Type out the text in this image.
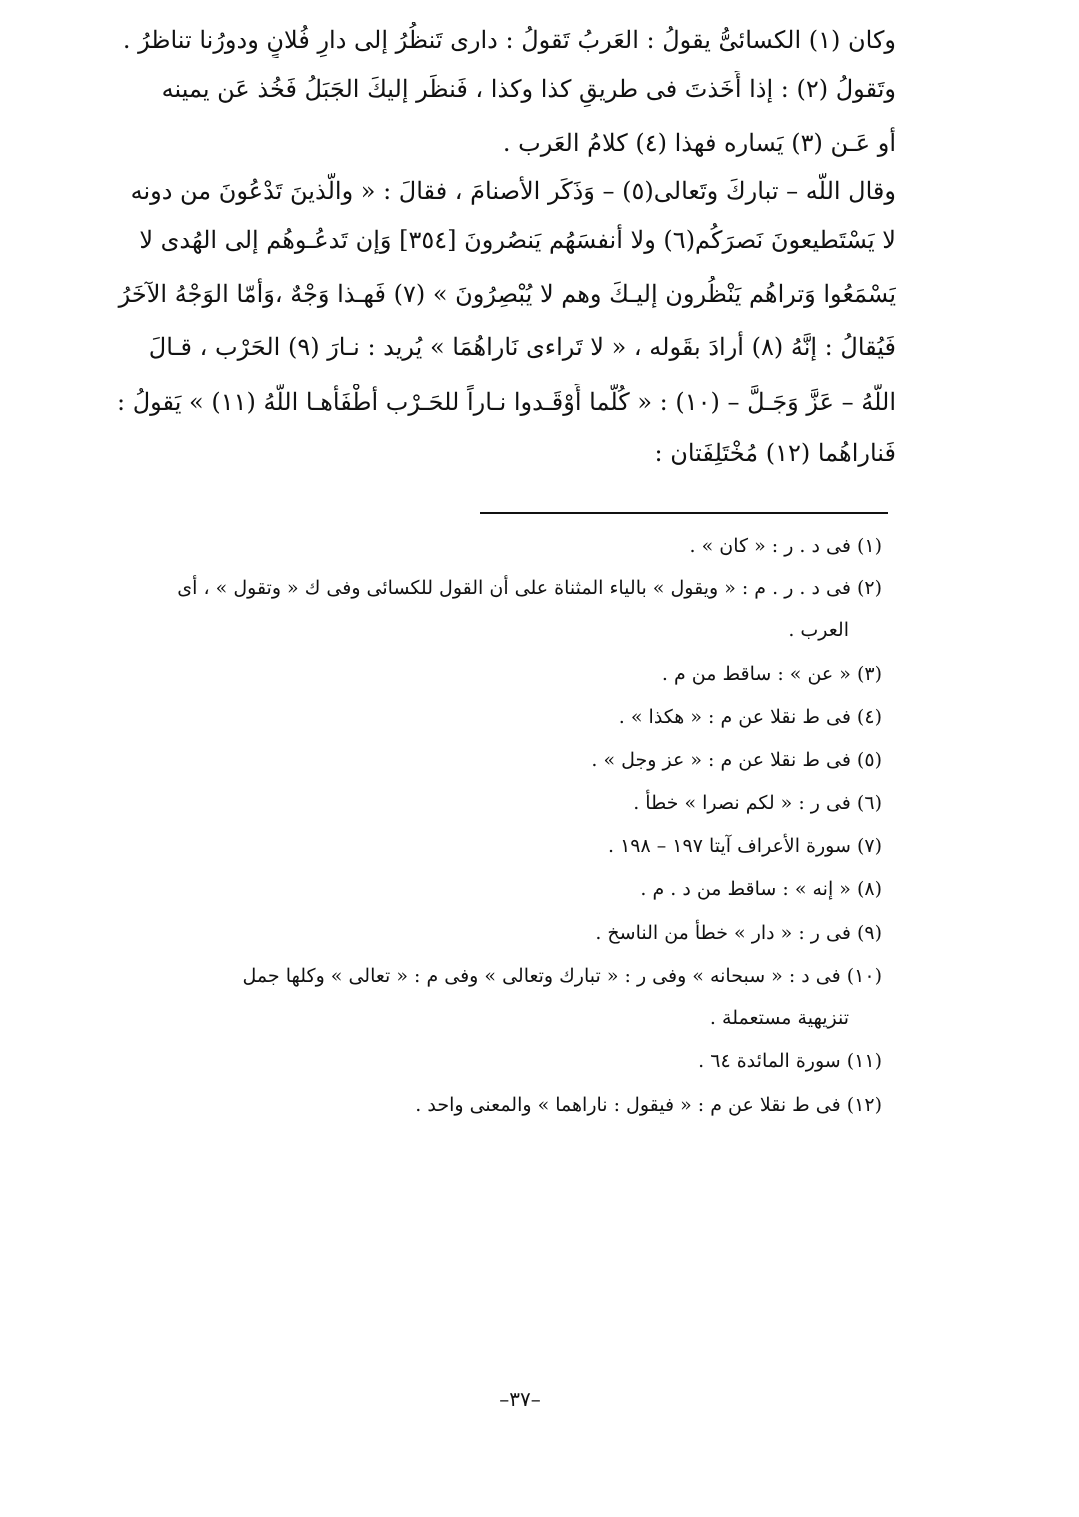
وكان (١) الكسائىُّ يقولُ : العَربُ تَقولُ : دارى تَنظُرُ إلى دارِ فُلانٍ ودورُنا تناظرُ .
وتَقولُ (٢) : إذا أَخَذتَ فى طريقِ كذا وكذا ، فَنظَر إليكَ الجَبَلُ فَخُذ عَن يمينه
أو عَـن (٣) يَساره فهذا (٤) كلامُ العَرب .
وقال اللّه – تباركَ وتَعالى(٥) – وَذَكَر الأصنامَ ، فقالَ : « والّذينَ تَدْعُونَ من دونه
لا يَسْتَطيعونَ نَصرَكُم(٦) ولا أنفسَهُم يَنصُرونَ [٣٥٤] وَإن تَدعُـوهُم إلى الهُدى لا
يَسْمَعُوا وَتراهُم يَنْظُرون إليـكَ وهم لا يُبْصِرُونَ » (٧) فَهـذا وَجْهٌ ،وَأمّا الوَجْهُ الآخَرُ
فَيُقالُ : إنَّهُ (٨) أرادَ بقَوله ، « لا تَراءى نَاراهُمَا » يُريد : نـارَ (٩) الحَرْب ، قـالَ
اللّهُ – عَزَّ وَجَـلَّ – (١٠) : « كُلّما أَوْقَـدوا نـاراً للحَـرْب أطْفَأهـا اللّهُ (١١) » يَقولُ :
فَناراهُما (١٢) مُخْتَلِفَتان :
(١) فى د . ر : « كان » .
(٢) فى د . ر . م : « ويقول » بالياء المثناة على أن القول للكسائى وفى ك « وتقول » ، أى
العرب .
(٣) « عن » : ساقط من م .
(٤) فى ط نقلا عن م : « هكذا » .
(٥) فى ط نقلا عن م : « عز وجل » .
(٦) فى ر : « لكم نصرا » خطأ .
(٧) سورة الأعراف آيتا ١٩٧ – ١٩٨ .
(٨) « إنه » : ساقط من د . م .
(٩) فى ر : « دار » خطأ من الناسخ .
(١٠) فى د : « سبحانه » وفى ر : « تبارك وتعالى » وفى م : « تعالى » وكلها جمل
تنزيهية مستعملة .
(١١) سورة المائدة ٦٤ .
(١٢) فى ط نقلا عن م : « فيقول : ناراهما » والمعنى واحد .
–٣٧–
